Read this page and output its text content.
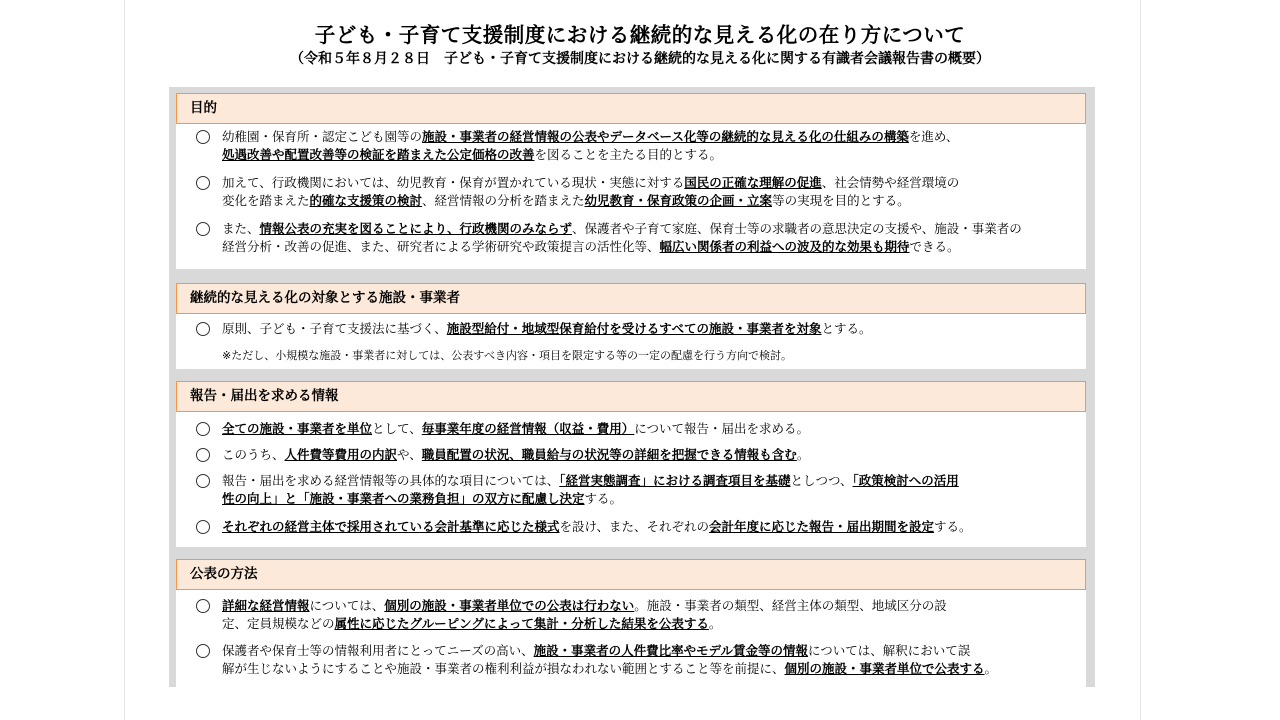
子ども・子育て支援制度における継続的な見える化の在り方について
（令和５年８月２８日　子ども・子育て支援制度における継続的な見える化に関する有識者会議報告書の概要）
目的
幼稚園・保育所・認定こども園等の施設・事業者の経営情報の公表やデータベース化等の継続的な見える化の仕組みの構築を進め、
処遇改善や配置改善等の検証を踏まえた公定価格の改善を図ることを主たる目的とする。
加えて、行政機関においては、幼児教育・保育が置かれている現状・実態に対する国民の正確な理解の促進、社会情勢や経営環境の
変化を踏まえた的確な支援策の検討、経営情報の分析を踏まえた幼児教育・保育政策の企画・立案等の実現を目的とする。
また、情報公表の充実を図ることにより、行政機関のみならず、保護者や子育て家庭、保育士等の求職者の意思決定の支援や、施設・事業者の
経営分析・改善の促進、また、研究者による学術研究や政策提言の活性化等、幅広い関係者の利益への波及的な効果も期待できる。
継続的な見える化の対象とする施設・事業者
原則、子ども・子育て支援法に基づく、施設型給付・地域型保育給付を受けるすべての施設・事業者を対象とする。
※ただし、小規模な施設・事業者に対しては、公表すべき内容・項目を限定する等の一定の配慮を行う方向で検討。
報告・届出を求める情報
全ての施設・事業者を単位として、毎事業年度の経営情報（収益・費用）について報告・届出を求める。
このうち、人件費等費用の内訳や、職員配置の状況、職員給与の状況等の詳細を把握できる情報も含む。
報告・届出を求める経営情報等の具体的な項目については、「経営実態調査」における調査項目を基礎としつつ、「政策検討への活用
性の向上」と「施設・事業者への業務負担」の双方に配慮し決定する。
それぞれの経営主体で採用されている会計基準に応じた様式を設け、また、それぞれの会計年度に応じた報告・届出期間を設定する。
公表の方法
詳細な経営情報については、個別の施設・事業者単位での公表は行わない。施設・事業者の類型、経営主体の類型、地域区分の設
定、定員規模などの属性に応じたグルーピングによって集計・分析した結果を公表する。
保護者や保育士等の情報利用者にとってニーズの高い、施設・事業者の人件費比率やモデル賃金等の情報については、解釈において誤
解が生じないようにすることや施設・事業者の権利利益が損なわれない範囲とすること等を前提に、個別の施設・事業者単位で公表する。
